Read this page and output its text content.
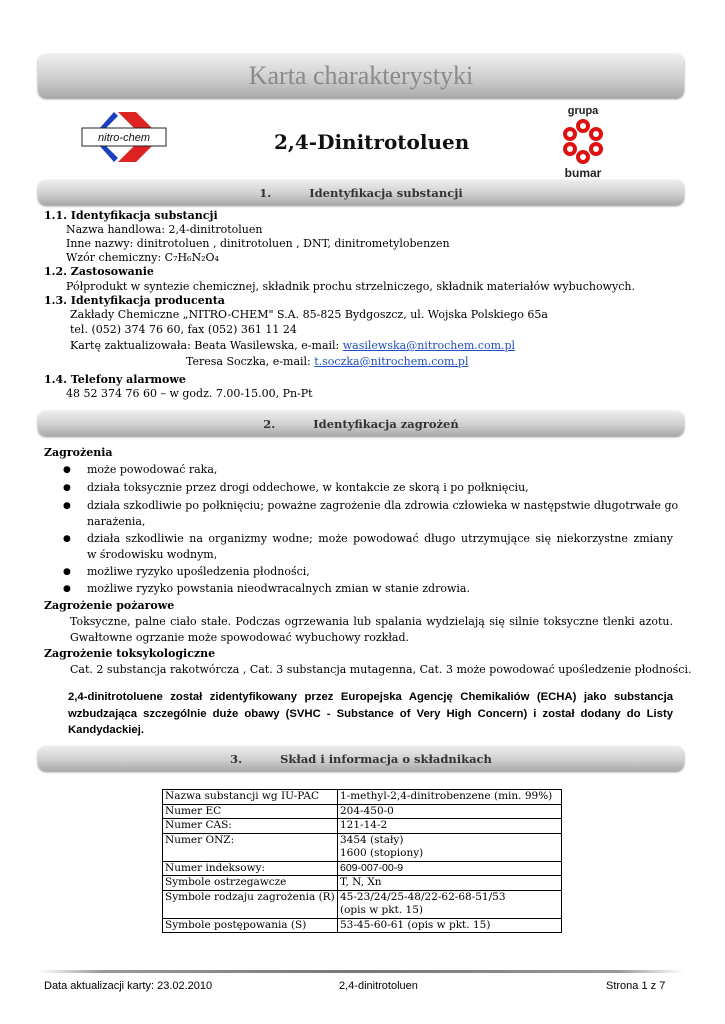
Karta charakterystyki
nitro-chem	2,4-Dinitrotoluen
grupa
bumar
1.	Identyfikacja substancji
1.1. Identyfikacja substancji
Nazwa handlowa: 2,4-dinitrotoluen
Inne nazwy: dinitrotoluen , dinitrotoluen , DNT, dinitrometylobenzen
Wzór chemiczny: C₇H₆N₂O₄
1.2. Zastosowanie
Półprodukt w syntezie chemicznej, składnik prochu strzelniczego, składnik materiałów wybuchowych.
1.3. Identyfikacja producenta
Zakłady Chemiczne „NITRO-CHEM" S.A. 85-825 Bydgoszcz, ul. Wojska Polskiego 65a
tel. (052) 374 76 60, fax (052) 361 11 24
Kartę zaktualizowała: Beata Wasilewska, e-mail: wasilewska@nitrochem.com.pl
Teresa Soczka, e-mail: t.soczka@nitrochem.com.pl
1.4. Telefony alarmowe
48 52 374 76 60 – w godz. 7.00-15.00, Pn-Pt
2.	Identyfikacja zagrożeń
Zagrożenia
● może powodować raka,
● działa toksycznie przez drogi oddechowe, w kontakcie ze skorą i po połknięciu,
● działa szkodliwie po połknięciu; poważne zagrożenie dla zdrowia człowieka w następstwie długotrwałe go
narażenia,
● działa szkodliwie na organizmy wodne; może powodować długo utrzymujące się niekorzystne zmiany
w środowisku wodnym,
● możliwe ryzyko upośledzenia płodności,
● możliwe ryzyko powstania nieodwracalnych zmian w stanie zdrowia.
Zagrożenie pożarowe
Toksyczne, palne ciało stałe. Podczas ogrzewania lub spalania wydzielają się silnie toksyczne tlenki azotu.
Gwałtowne ogrzanie może spowodować wybuchowy rozkład.
Zagrożenie toksykologiczne
Cat. 2 substancja rakotwórcza , Cat. 3 substancja mutagenna, Cat. 3 może powodować upośledzenie płodności.
2,4-dinitrotoluene został zidentyfikowany przez Europejska Agencję Chemikaliów (ECHA) jako substancja
wzbudzająca szczególnie duże obawy (SVHC - Substance of Very High Concern) i został dodany do Listy
Kandydackiej.
3.	Skład i informacja o składnikach
Nazwa substancji wg IU-PAC	1-methyl-2,4-dinitrobenzene (min. 99%)
Numer EC	204-450-0
Numer CAS:	121-14-2
Numer ONZ:	3454 (stały)
1600 (stopiony)

Numer indeksowy:	609-007-00-9
Symbole ostrzegawcze	T, N, Xn
Symbole rodzaju zagrożenia (R)	45-23/24/25-48/22-62-68-51/53
(opis w pkt. 15)

Symbole postępowania (S)	53-45-60-61 (opis w pkt. 15)
Data aktualizacji karty: 23.02.2010	2,4-dinitrotoluen	Strona 1 z 7
